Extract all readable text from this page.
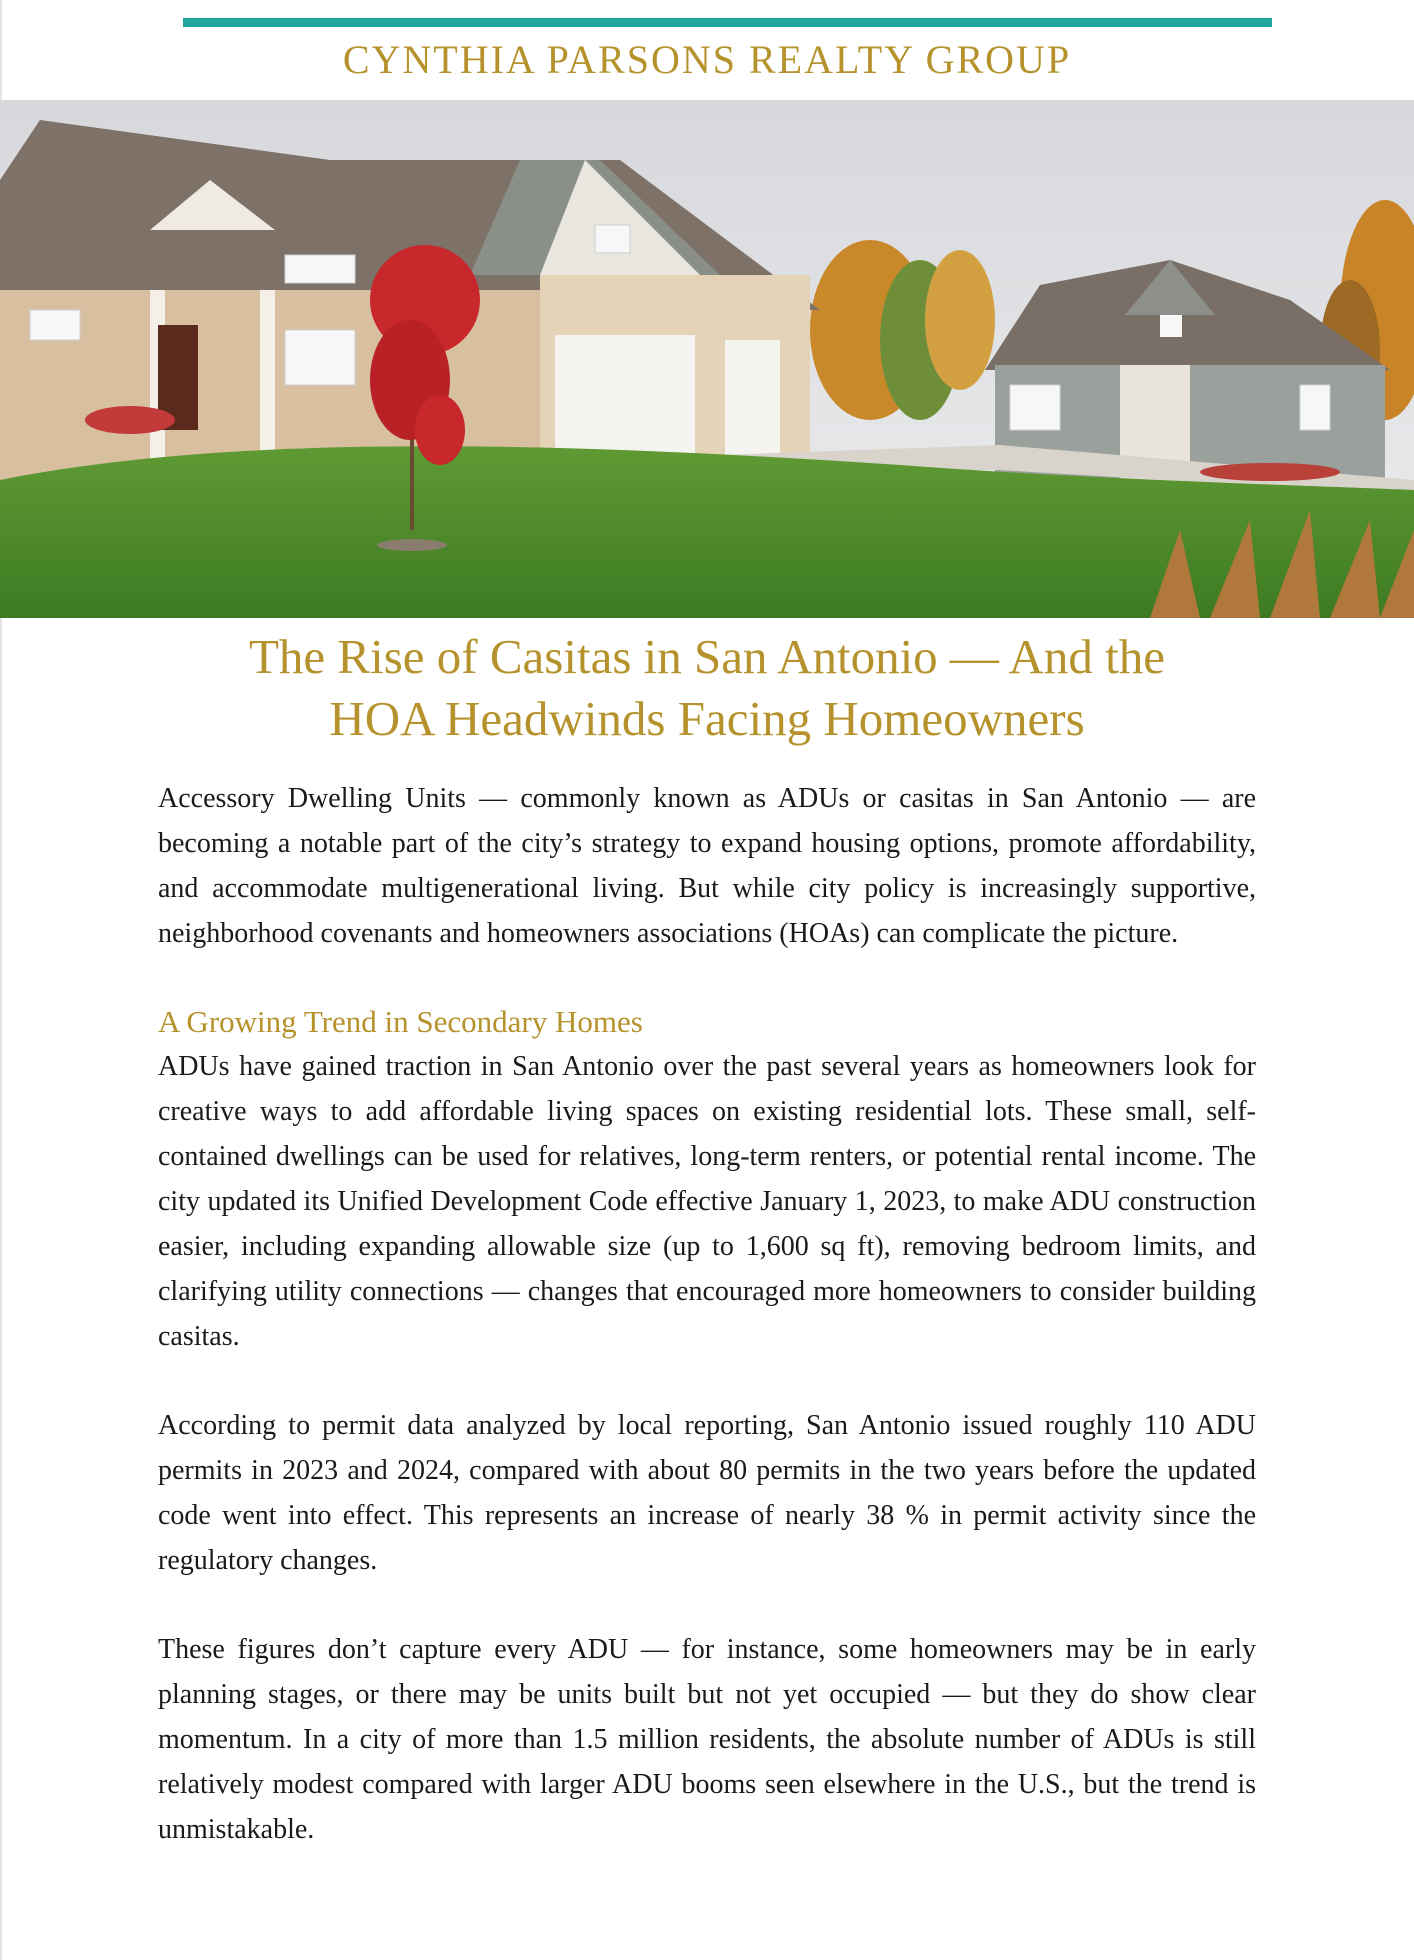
CYNTHIA PARSONS REALTY GROUP
The Rise of Casitas in San Antonio — And the
HOA Headwinds Facing Homeowners

Accessory Dwelling Units — commonly known as ADUs or casitas in San Antonio — are becoming a notable part of the city’s strategy to expand housing options, promote affordability, and accommodate multigenerational living. But while city policy is increasingly supportive, neighborhood covenants and homeowners associations (HOAs) can complicate the picture.

A Growing Trend in Secondary Homes

ADUs have gained traction in San Antonio over the past several years as homeowners look for creative ways to add affordable living spaces on existing residential lots. These small, self-contained dwellings can be used for relatives, long-term renters, or potential rental income. The city updated its Unified Development Code effective January 1, 2023, to make ADU construction easier, including expanding allowable size (up to 1,600 sq ft), removing bedroom limits, and clarifying utility connections — changes that encouraged more homeowners to consider building casitas.

According to permit data analyzed by local reporting, San Antonio issued roughly 110 ADU permits in 2023 and 2024, compared with about 80 permits in the two years before the updated code went into effect. This represents an increase of nearly 38 % in permit activity since the regulatory changes.

These figures don’t capture every ADU — for instance, some homeowners may be in early planning stages, or there may be units built but not yet occupied — but they do show clear momentum. In a city of more than 1.5 million residents, the absolute number of ADUs is still relatively modest compared with larger ADU booms seen elsewhere in the U.S., but the trend is unmistakable.
